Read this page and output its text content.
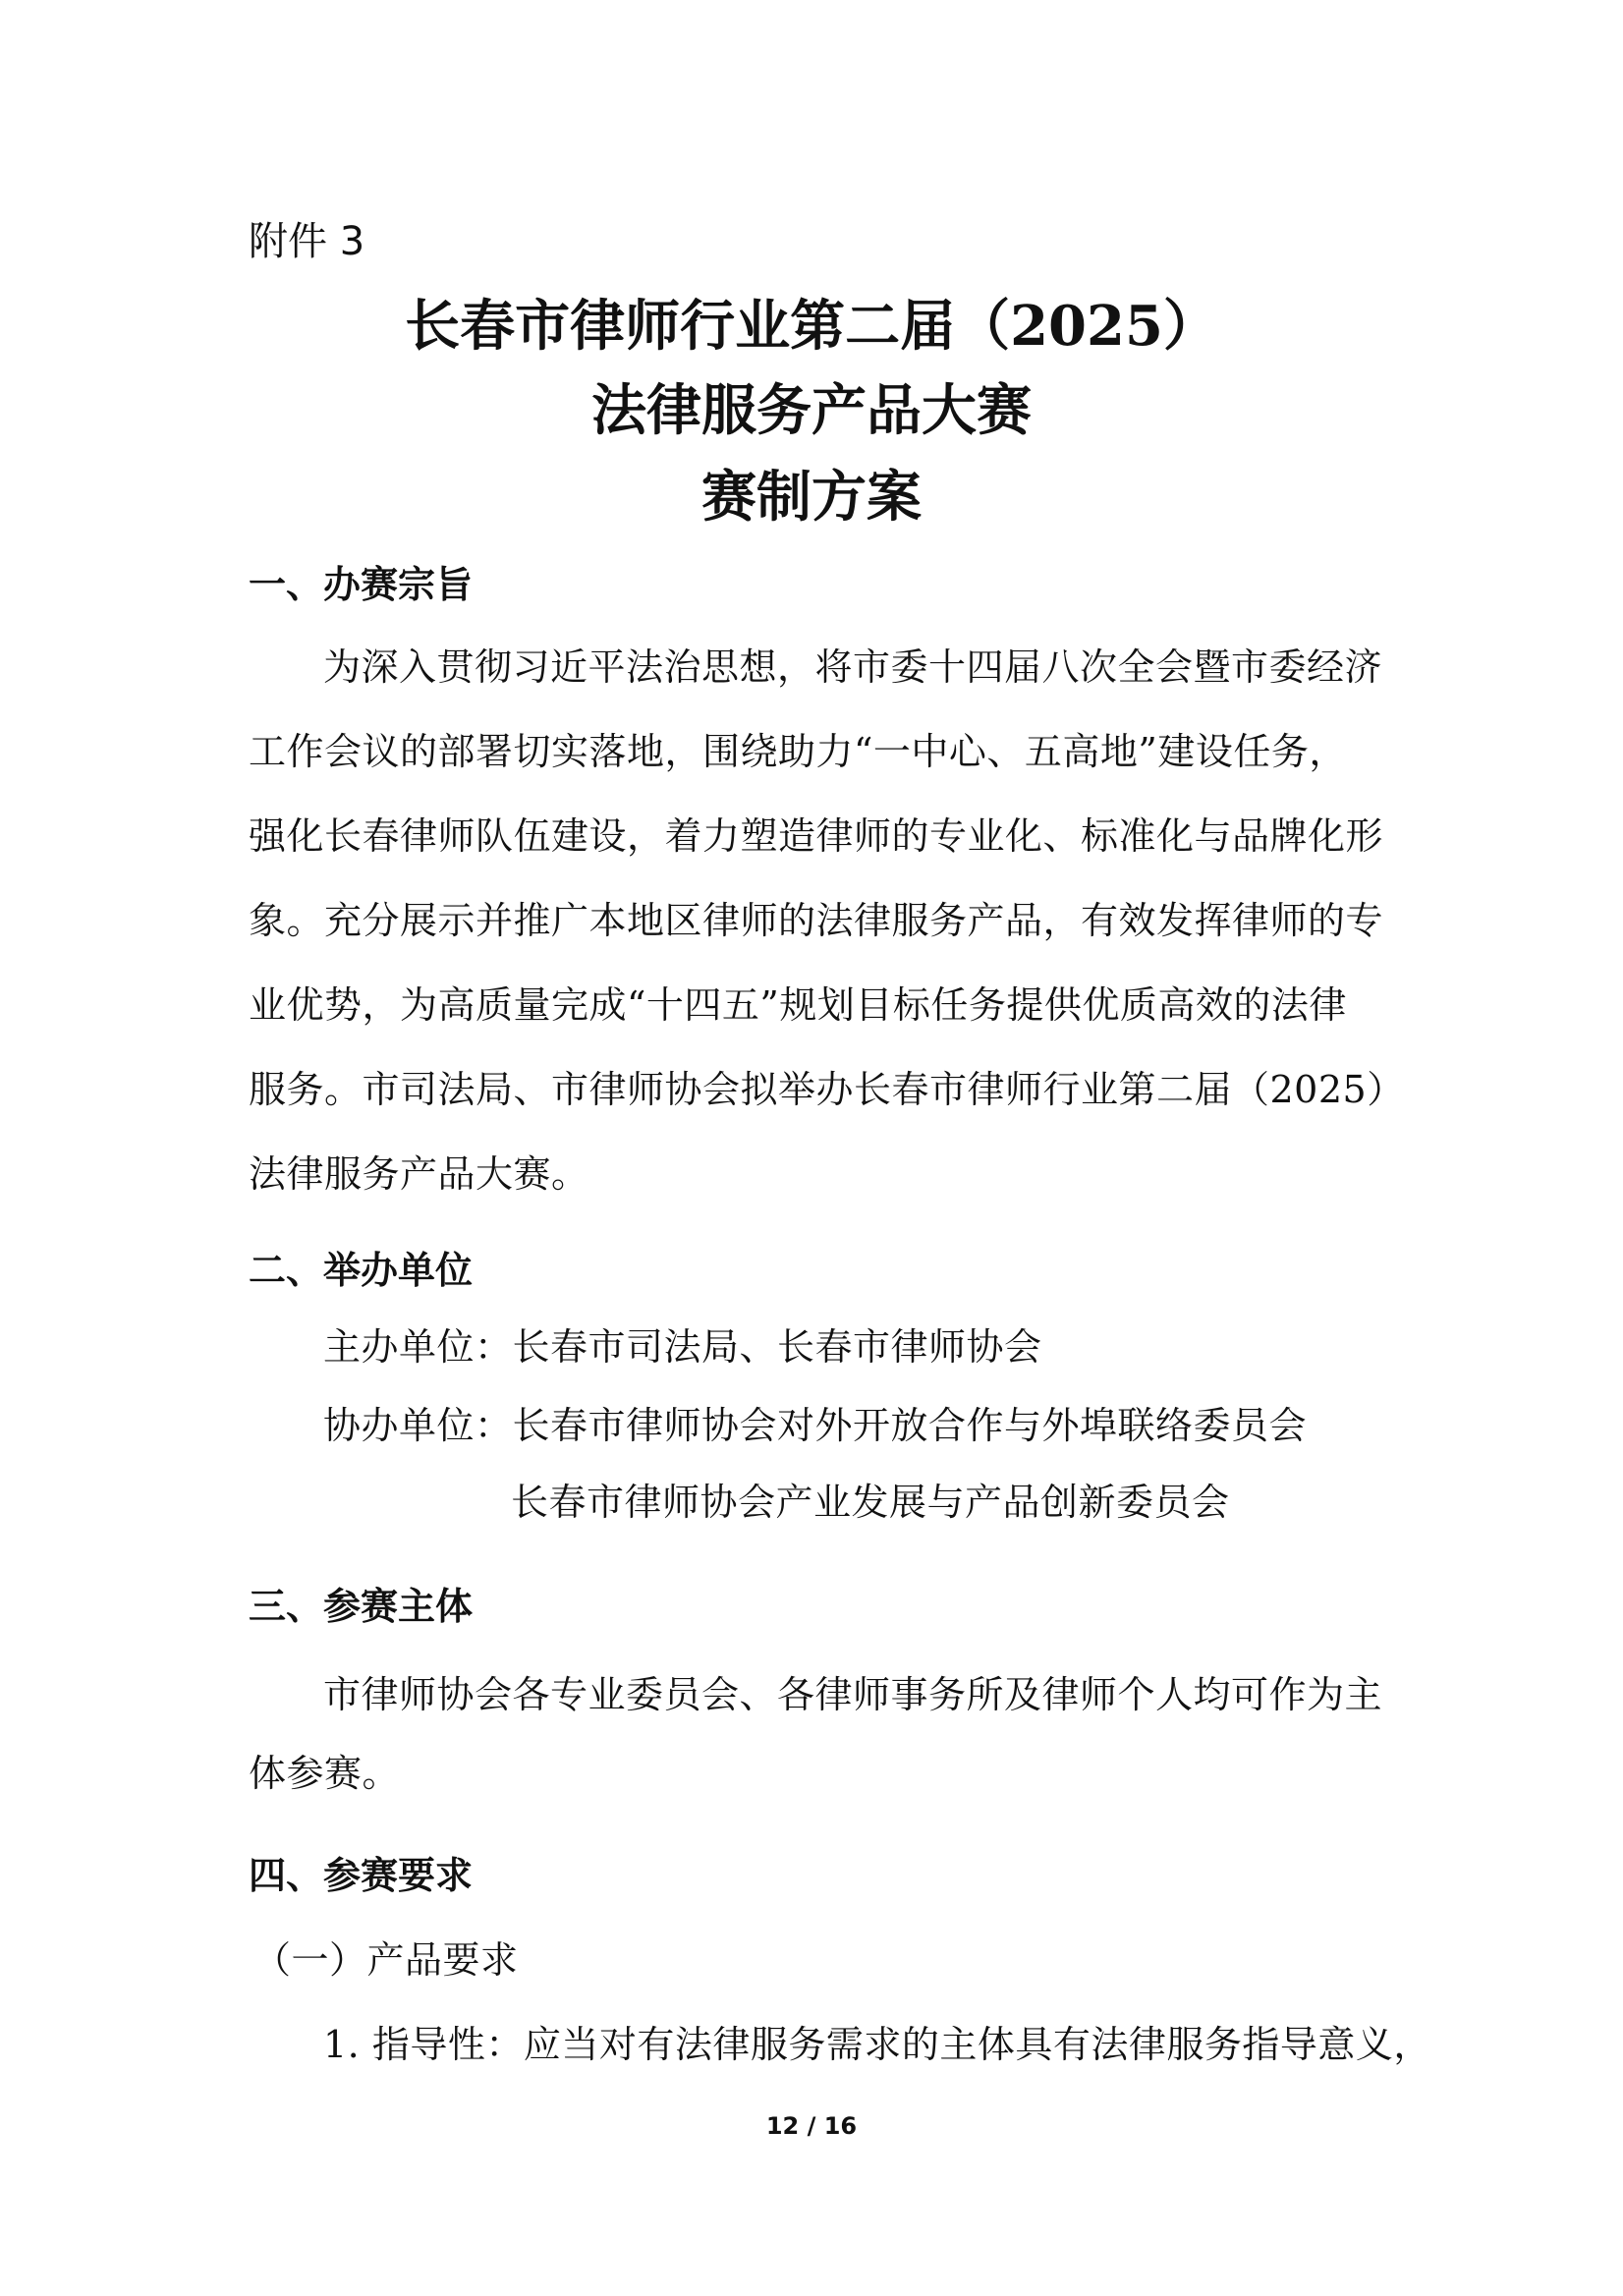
附件 3
长春市律师行业第二届（2025）
法律服务产品大赛
赛制方案
一、办赛宗旨
为深入贯彻习近平法治思想，将市委十四届八次全会暨市委经济
工作会议的部署切实落地，围绕助力“一中心、五高地”建设任务，
强化长春律师队伍建设，着力塑造律师的专业化、标准化与品牌化形
象。充分展示并推广本地区律师的法律服务产品，有效发挥律师的专
业优势，为高质量完成“十四五”规划目标任务提供优质高效的法律
服务。市司法局、市律师协会拟举办长春市律师行业第二届（2025）
法律服务产品大赛。
二、举办单位
主办单位：长春市司法局、长春市律师协会
协办单位：长春市律师协会对外开放合作与外埠联络委员会
长春市律师协会产业发展与产品创新委员会
三、参赛主体
市律师协会各专业委员会、各律师事务所及律师个人均可作为主
体参赛。
四、参赛要求
（一）产品要求
1. 指导性：应当对有法律服务需求的主体具有法律服务指导意义，
12 / 16
